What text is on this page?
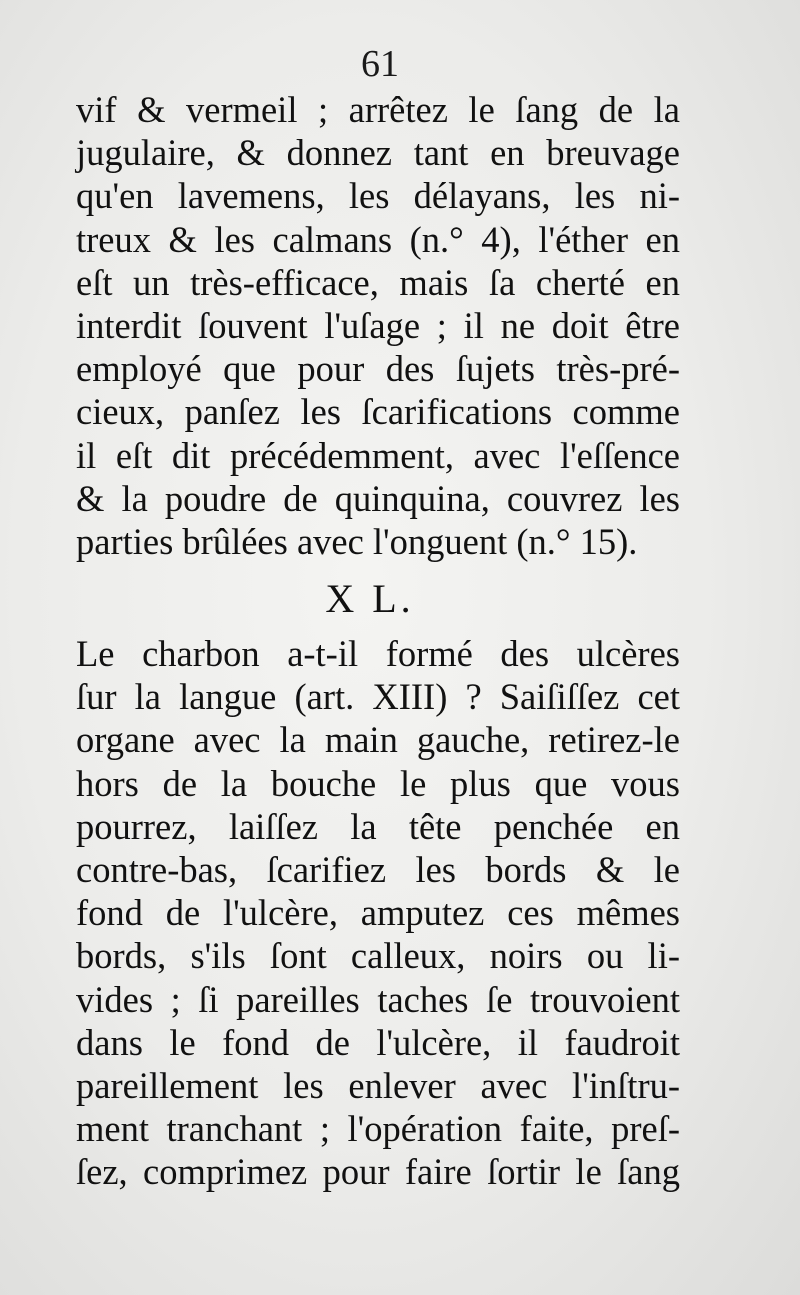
61
vif & vermeil ; arrêtez le ſang de la
jugulaire, & donnez tant en breuvage
qu'en lavemens, les délayans, les ni-
treux & les calmans (n.° 4), l'éther en
eſt un très-efficace, mais ſa cherté en
interdit ſouvent l'uſage ; il ne doit être
employé que pour des ſujets très-pré-
cieux, panſez les ſcarifications comme
il eſt dit précédemment, avec l'eſſence
& la poudre de quinquina, couvrez les
parties brûlées avec l'onguent (n.° 15).
X L.
Le charbon a-t-il formé des ulcères
ſur la langue (art. XIII) ? Saiſiſſez cet
organe avec la main gauche, retirez-le
hors de la bouche le plus que vous
pourrez, laiſſez la tête penchée en
contre-bas, ſcarifiez les bords & le
fond de l'ulcère, amputez ces mêmes
bords, s'ils ſont calleux, noirs ou li-
vides ; ſi pareilles taches ſe trouvoient
dans le fond de l'ulcère, il faudroit
pareillement les enlever avec l'inſtru-
ment tranchant ; l'opération faite, preſ-
ſez, comprimez pour faire ſortir le ſang
